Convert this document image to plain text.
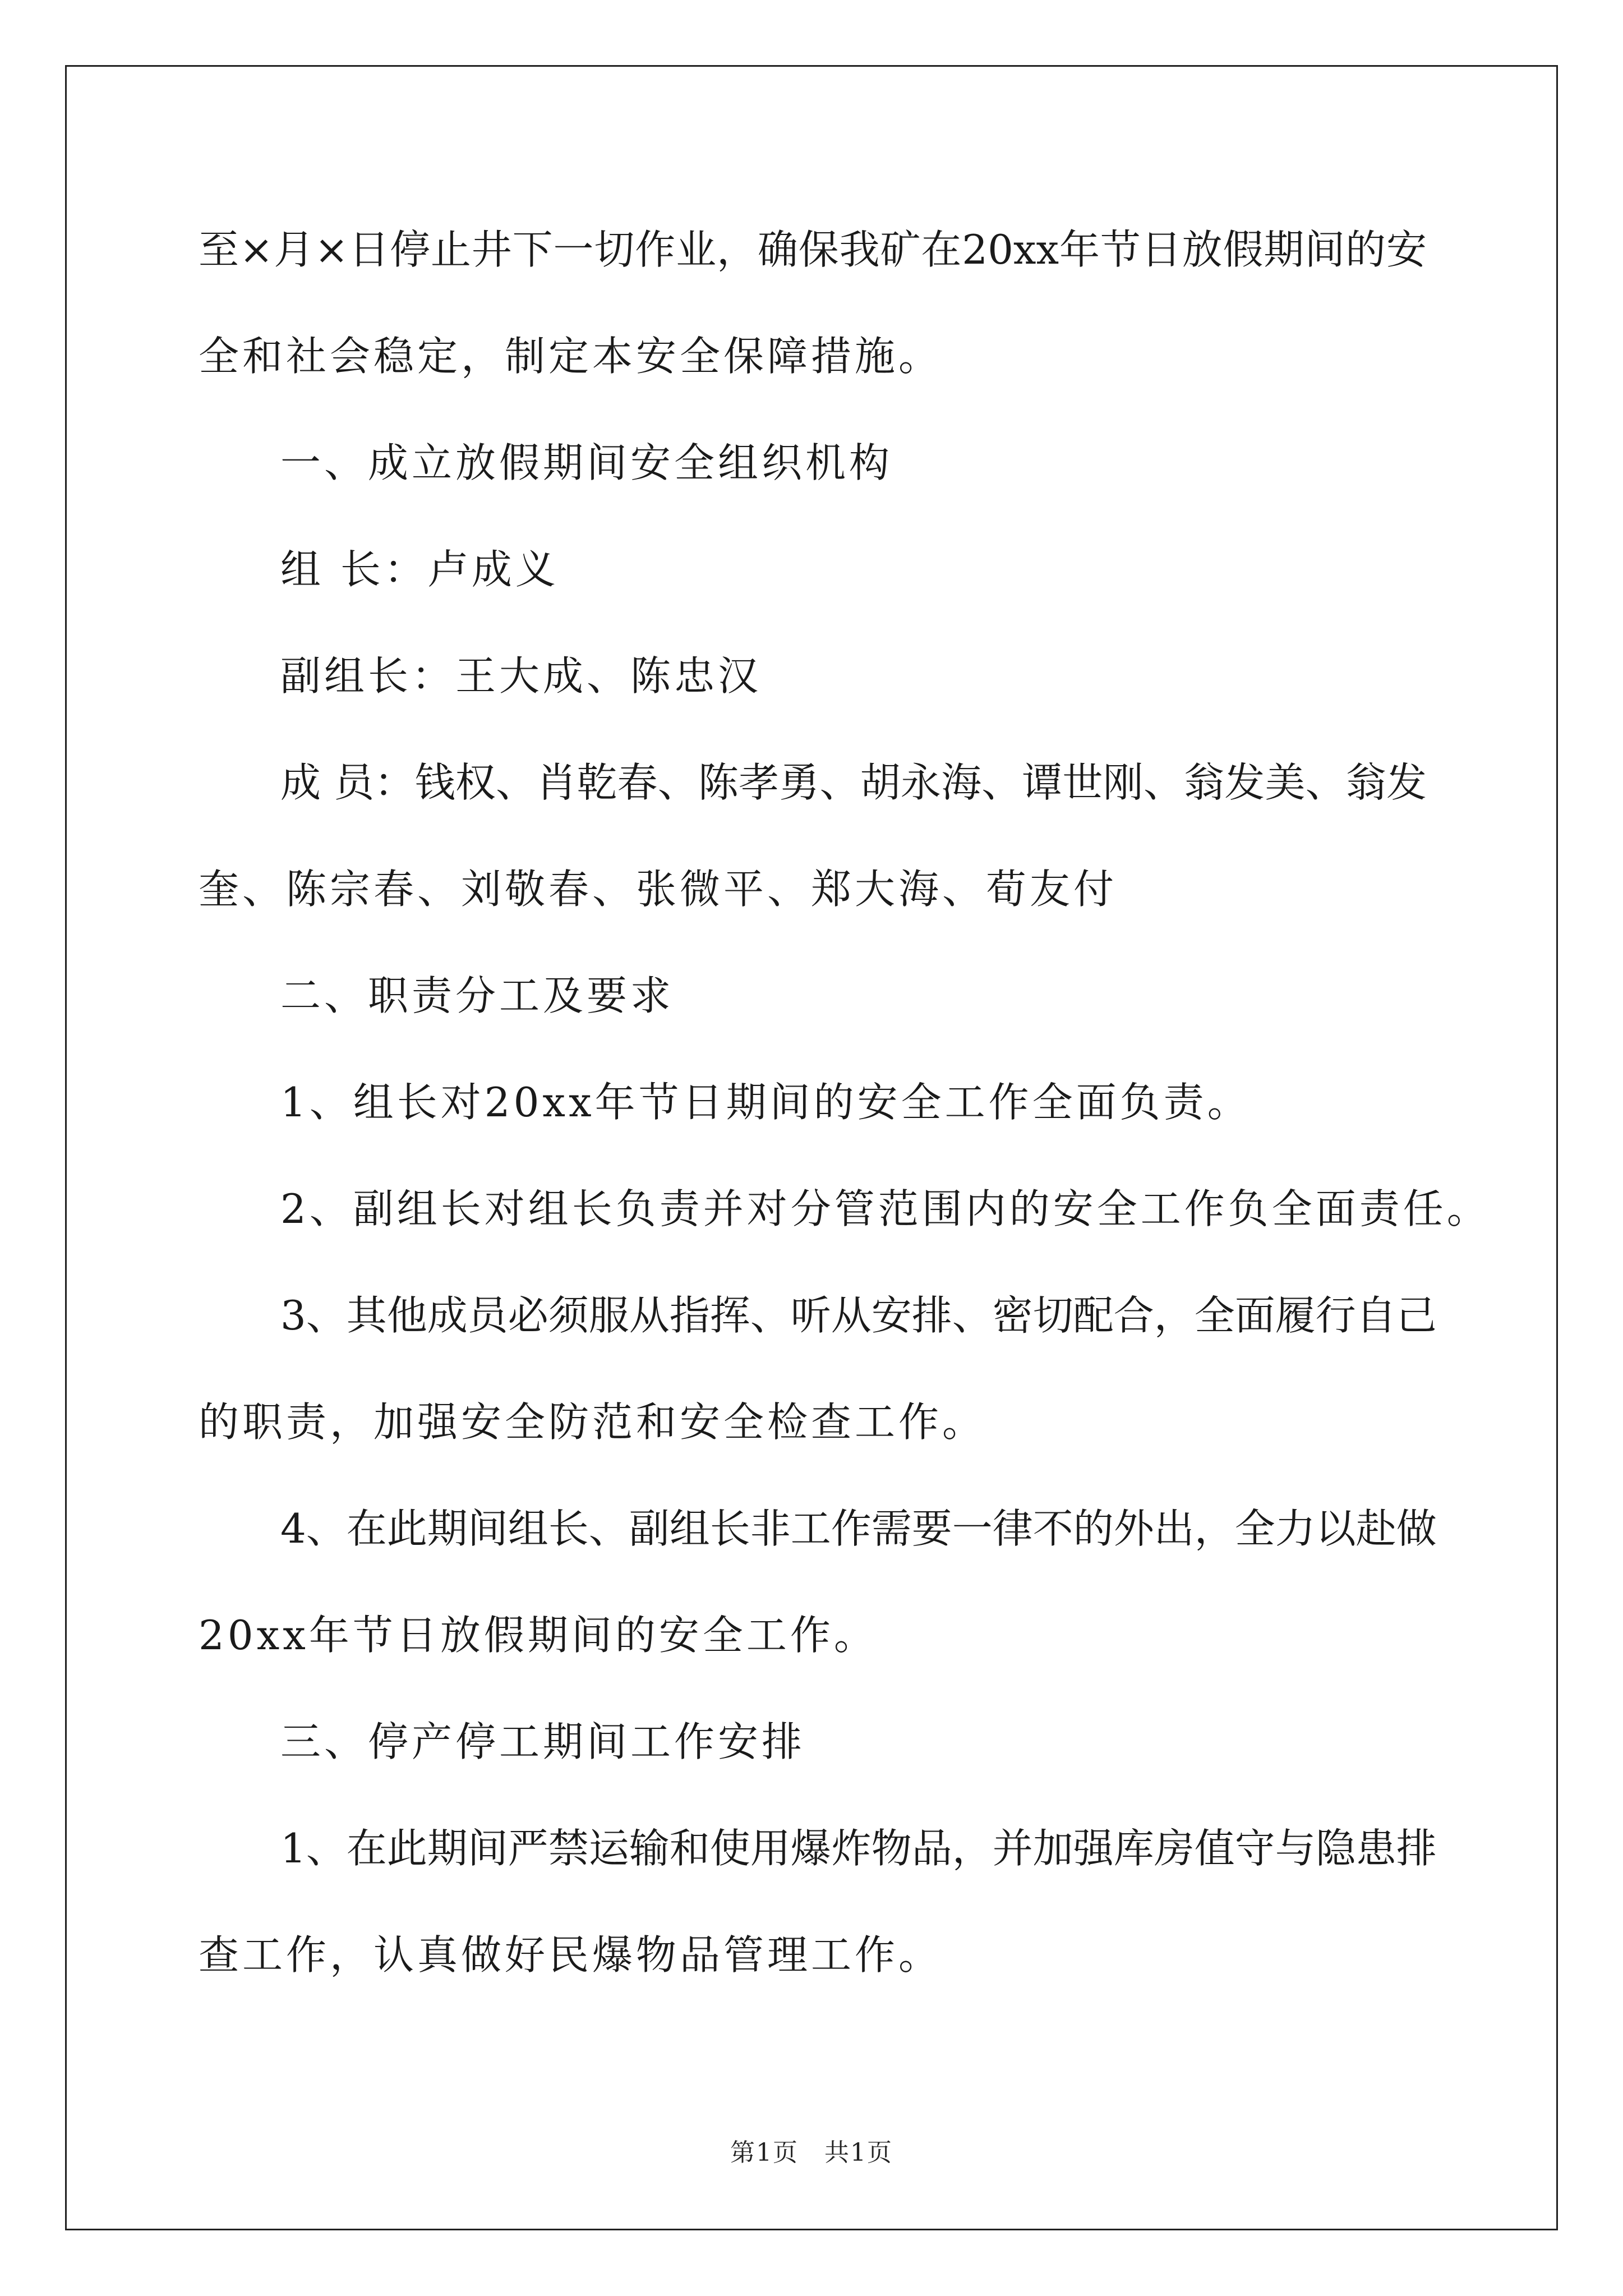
至×月×日停止井下一切作业，确保我矿在20xx年节日放假期间的安
全和社会稳定，制定本安全保障措施。
一、成立放假期间安全组织机构
组 长：卢成义
副组长：王大成、陈忠汉
成 员：钱权、肖乾春、陈孝勇、胡永海、谭世刚、翁发美、翁发
奎、陈宗春、刘敬春、张微平、郑大海、荀友付
二、职责分工及要求
1、组长对20xx年节日期间的安全工作全面负责。
2、副组长对组长负责并对分管范围内的安全工作负全面责任。
3、其他成员必须服从指挥、听从安排、密切配合，全面履行自己
的职责，加强安全防范和安全检查工作。
4、在此期间组长、副组长非工作需要一律不的外出，全力以赴做
20xx年节日放假期间的安全工作。
三、停产停工期间工作安排
1、在此期间严禁运输和使用爆炸物品，并加强库房值守与隐患排
查工作，认真做好民爆物品管理工作。
第1页　共1页
